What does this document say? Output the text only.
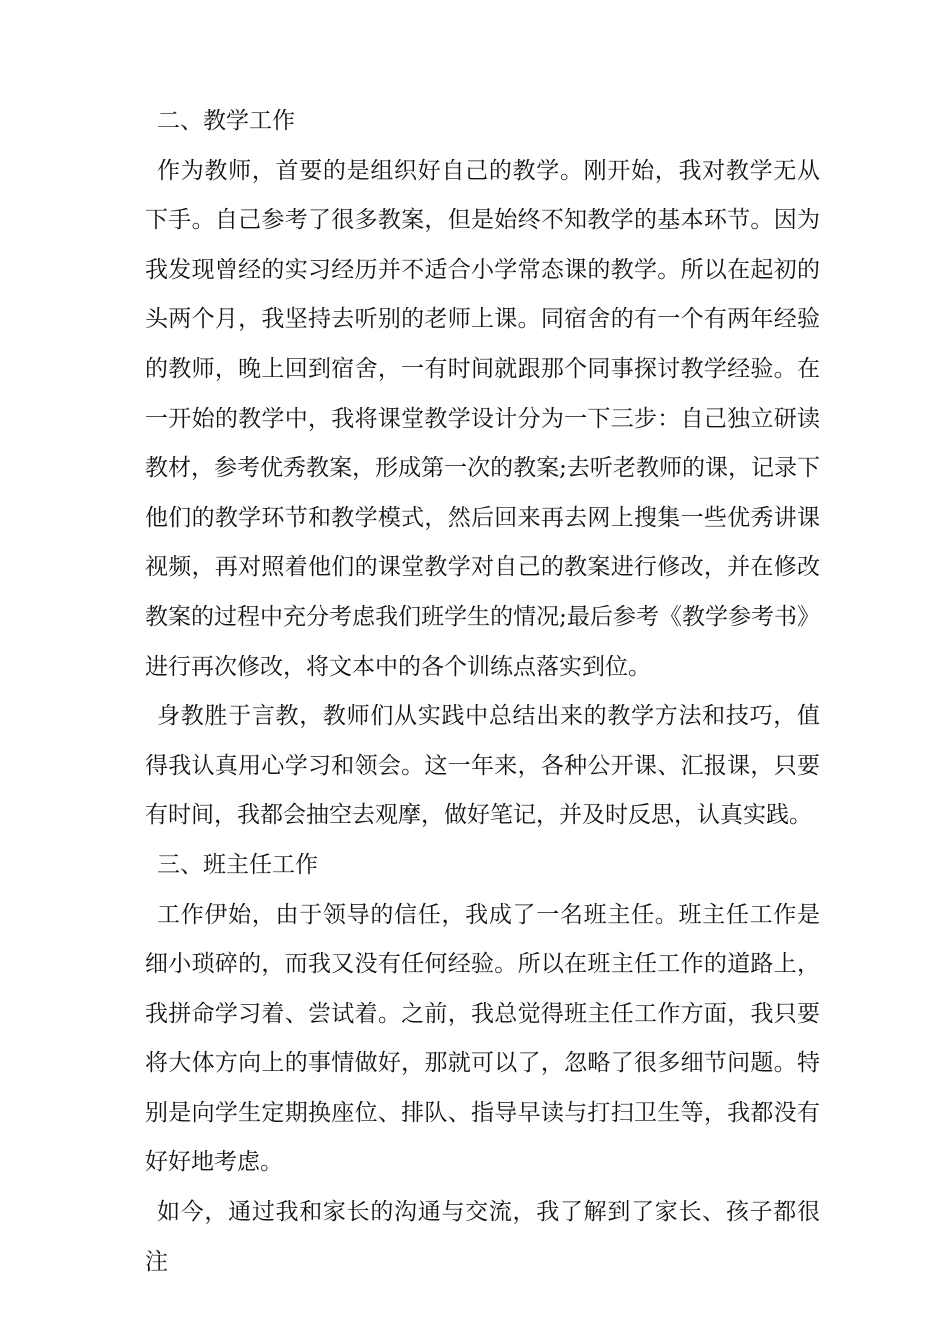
二、教学工作

作为教师，首要的是组织好自己的教学。刚开始，我对教学无从下手。自己参考了很多教案，但是始终不知教学的基本环节。因为我发现曾经的实习经历并不适合小学常态课的教学。所以在起初的头两个月，我坚持去听别的老师上课。同宿舍的有一个有两年经验的教师，晚上回到宿舍，一有时间就跟那个同事探讨教学经验。在一开始的教学中，我将课堂教学设计分为一下三步：自己独立研读教材，参考优秀教案，形成第一次的教案;去听老教师的课，记录下他们的教学环节和教学模式，然后回来再去网上搜集一些优秀讲课视频，再对照着他们的课堂教学对自己的教案进行修改，并在修改教案的过程中充分考虑我们班学生的情况;最后参考《教学参考书》进行再次修改，将文本中的各个训练点落实到位。

身教胜于言教，教师们从实践中总结出来的教学方法和技巧，值得我认真用心学习和领会。这一年来，各种公开课、汇报课，只要有时间，我都会抽空去观摩，做好笔记，并及时反思，认真实践。

三、班主任工作

工作伊始，由于领导的信任，我成了一名班主任。班主任工作是细小琐碎的，而我又没有任何经验。所以在班主任工作的道路上，我拼命学习着、尝试着。之前，我总觉得班主任工作方面，我只要将大体方向上的事情做好，那就可以了，忽略了很多细节问题。特别是向学生定期换座位、排队、指导早读与打扫卫生等，我都没有好好地考虑。

如今，通过我和家长的沟通与交流，我了解到了家长、孩子都很注
